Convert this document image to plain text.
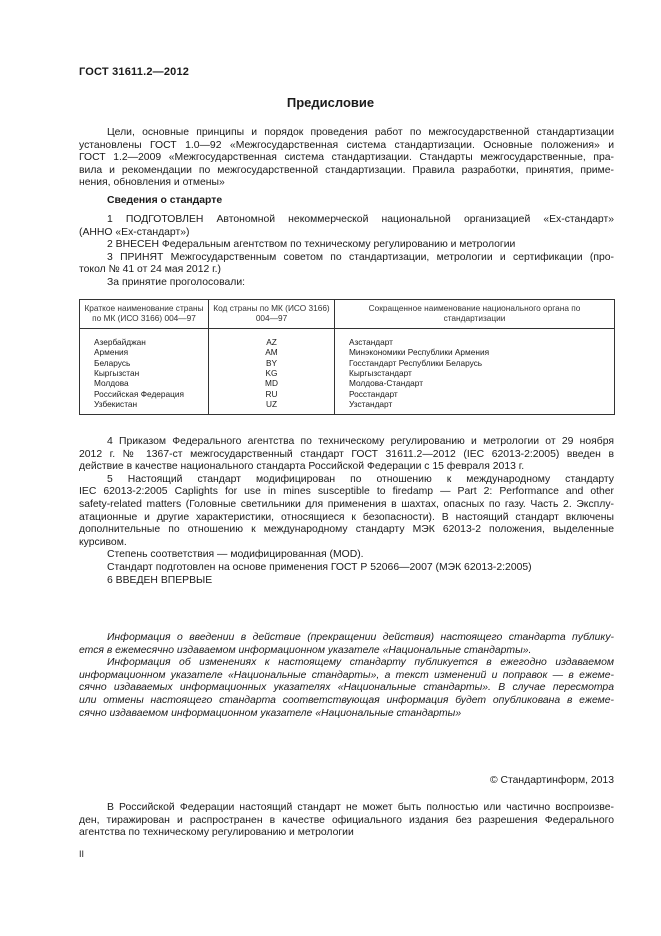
ГОСТ 31611.2—2012
Предисловие

Цели, основные принципы и порядок проведения работ по межгосударственной стандартизации

установлены ГОСТ 1.0—92 «Межгосударственная система стандартизации. Основные положения» и

ГОСТ 1.2—2009 «Межгосударственная система стандартизации. Стандарты межгосударственные, пра-

вила и рекомендации по межгосударственной стандартизации. Правила разработки, принятия, приме-

нения, обновления и отмены»

Сведения о стандарте

1 ПОДГОТОВЛЕН Автономной некоммерческой национальной организацией «Ех-стандарт»

(АННО «Ех-стандарт»)

2 ВНЕСЕН Федеральным агентством по техническому регулированию и метрологии

3 ПРИНЯТ Межгосударственным советом по стандартизации, метрологии и сертификации (про-

токол № 41 от 24 мая 2012 г.)

За принятие проголосовали:

Краткое наименование страны по МК (ИСО 3166) 004—97	Код страны по МК (ИСО 3166) 004—97	Сокращенное наименование национального органа по стандартизации
Азербайджан	AZ	Азстандарт
Армения	AM	Минэкономики Республики Армения
Беларусь	BY	Госстандарт Республики Беларусь
Кыргызстан	KG	Кыргызстандарт
Молдова	MD	Молдова-Стандарт
Российская Федерация	RU	Росстандарт
Узбекистан	UZ	Узстандарт

4 Приказом Федерального агентства по техническому регулированию и метрологии от 29 ноября

2012 г. № 1367-ст межгосударственный стандарт ГОСТ 31611.2—2012 (IEC 62013-2:2005) введен в

действие в качестве национального стандарта Российской Федерации с 15 февраля 2013 г.

5 Настоящий стандарт модифицирован по отношению к международному стандарту

IEC 62013-2:2005 Caplights for use in mines susceptible to firedamp — Part 2: Performance and other

safety-related matters (Головные светильники для применения в шахтах, опасных по газу. Часть 2. Эксплу-

атационные и другие характеристики, относящиеся к безопасности). В настоящий стандарт включены

дополнительные по отношению к международному стандарту МЭК 62013-2 положения, выделенные

курсивом.

Степень соответствия — модифицированная (MOD).

Стандарт подготовлен на основе применения ГОСТ Р 52066—2007 (МЭК 62013-2:2005)

6 ВВЕДЕН ВПЕРВЫЕ

Информация о введении в действие (прекращении действия) настоящего стандарта публику-

ется в ежемесячно издаваемом информационном указателе «Национальные стандарты».

Информация об изменениях к настоящему стандарту публикуется в ежегодно издаваемом

информационном указателе «Национальные стандарты», а текст изменений и поправок — в ежеме-

сячно издаваемых информационных указателях «Национальные стандарты». В случае пересмотра

или отмены настоящего стандарта соответствующая информация будет опубликована в ежеме-

сячно издаваемом информационном указателе «Национальные стандарты»

© Стандартинформ, 2013

В Российской Федерации настоящий стандарт не может быть полностью или частично воспроизве-

ден, тиражирован и распространен в качестве официального издания без разрешения Федерального

агентства по техническому регулированию и метрологии

II
